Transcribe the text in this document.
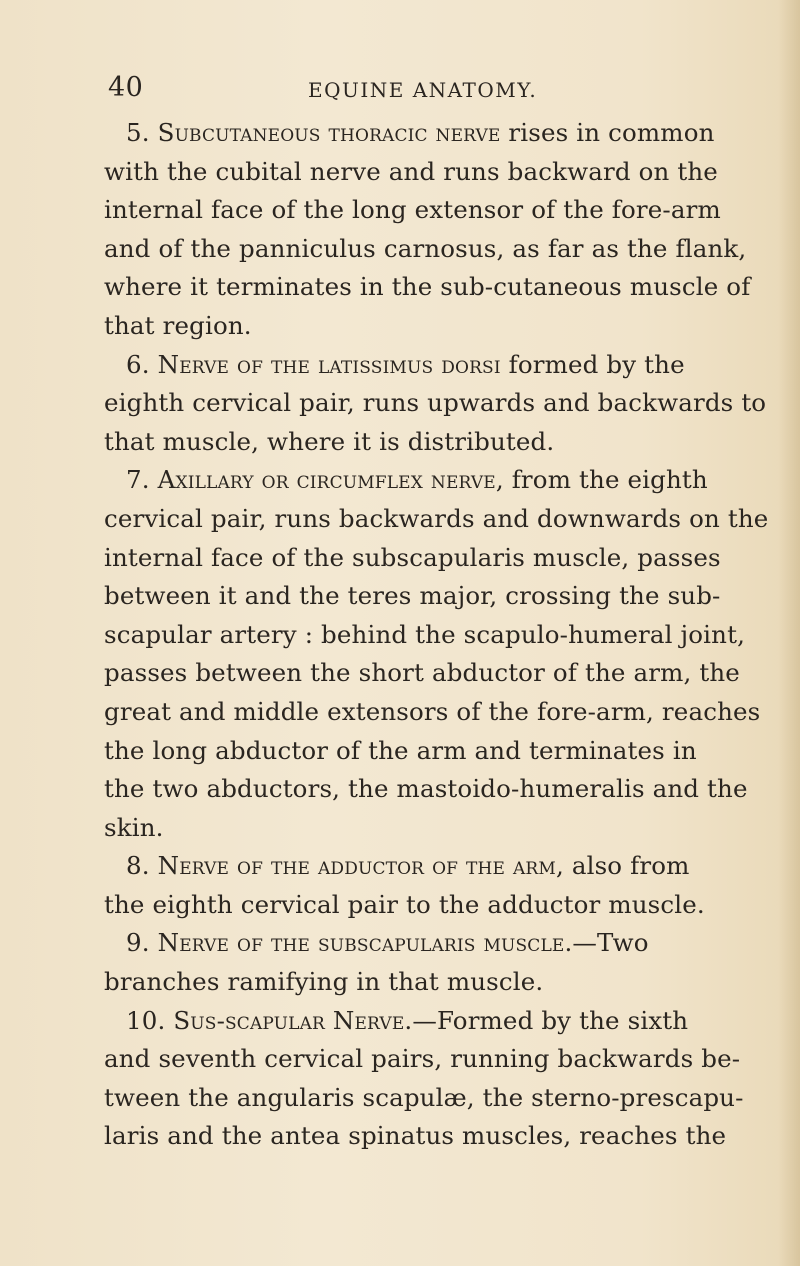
40	EQUINE ANATOMY.
5. Subcutaneous thoracic nerve rises in common
with the cubital nerve and runs backward on the
internal face of the long extensor of the fore-arm
and of the panniculus carnosus, as far as the flank,
where it terminates in the sub-cutaneous muscle of
that region.
6. Nerve of the latissimus dorsi formed by the
eighth cervical pair, runs upwards and backwards to
that muscle, where it is distributed.
7. Axillary or circumflex nerve, from the eighth
cervical pair, runs backwards and downwards on the
internal face of the subscapularis muscle, passes
between it and the teres major, crossing the sub-
scapular artery : behind the scapulo-humeral joint,
passes between the short abductor of the arm, the
great and middle extensors of the fore-arm, reaches
the long abductor of the arm and terminates in
the two abductors, the mastoido-humeralis and the
skin.
8. Nerve of the adductor of the arm, also from
the eighth cervical pair to the adductor muscle.
9. Nerve of the subscapularis muscle.—Two
branches ramifying in that muscle.
10. Sus-scapular Nerve.—Formed by the sixth
and seventh cervical pairs, running backwards be-
tween the angularis scapulæ, the sterno-prescapu-
laris and the antea spinatus muscles, reaches the
